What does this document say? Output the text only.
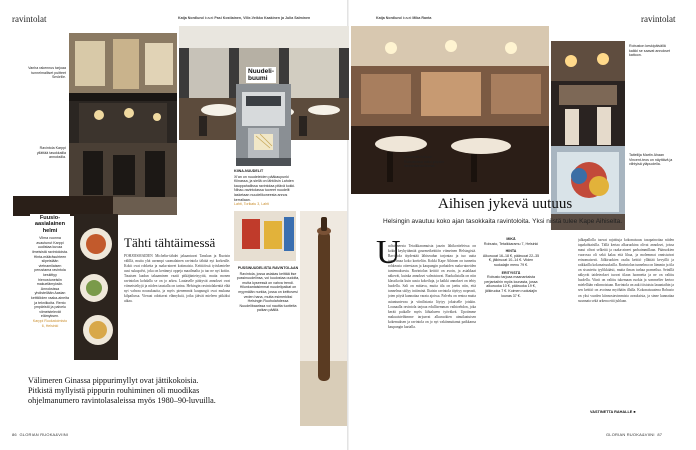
ravintolat	Katja Nordlund kuvat Pasi Kostiainen, Ville-Veikko Kaakinen ja Julia Salminen
Nuudeli-
buumi
KIINA-NUUDELIT
Xi'an on nuudeleiden pääkaupunki Kiinassa, ja siellä on lähtöisin Lahden kauppahallissa ravintolaa pitävä kokki. Nihao-ravintolassa tuoreet nuudelit lasketaan nuudelikoneesta annos kerrallaan.
Lahti, Torikatu 3, Lahti
Vanha rakennus tarjoaa tunnelmalliset puitteet Smörille.
Ravintola Karppi yllättää tasokkailla annoksilla.
Fuusio-aasialainen helmi
Vilma vuonna avautunut Karppi uudistaa kuvaa ilmeisistä ravintoloista. Hinta-määräsuhteen siipeisiään vietnamilaisen perustama ravintola keskittyy hienostuneisiin makuelämyksiin. Annoksissa yhdistellään Aasian keittiöiden raaka-aineita ja tekniikoita. Rento ympäristö ja palvelu viimeistelevät elämyksen.
Karppi Ruokatoimisto 6, Helsinki
Tähti tähtäimessä
POHJOISMAIDEN Michelin-tähdet jakaantuvat Tanskan ja Ruotsin välillä, mutta yhä useampi suomalainen ravintola tähtää nyt korkealle. Kokit ovat rohkeita ja raaka-aineet kotimaisia. Keittiöissä työskentelee uusi sukupolvi, joka on kerännyt oppeja maailmalta ja tuo ne nyt kotiin. Tasaisen laadun takaaminen vaatii pitkäjänteisyyttä, mutta monen ravintolan kohdalla se on jo arkea. Lautaselle päätyvät annokset ovat viimeisteltyjä ja niiden taustalla on tarina. Helsingin ravintolakenttä elää nyt vahvaa nousukautta, ja myös pienemmät kaupungit ovat mukana kilpailussa. Vieraat odottavat elämyksiä, jotka jäävät mieleen pitkäksi aikaa.
PUSSINUUDELISTA RAVINTOLAAN
Ravintola, jossa asiakas keittää itse pussinuudelinsa, voi kuulostaa oudolta, mutta kyseessä on vahva trendi. Hilunkantaisimmat nuudelipaikat on myymälän nurkka, jossa on keittovesi veden hana, mutta esimerkiksi Helsingin Ruoholahdessa Nuudelibaarissa voi nauttia tuotteita paikan päällä.
Välimeren Ginassa pippurimyllyt ovat jättikokoisia. Pitkistä myllyistä pippurin rouhiminen oli muodikas ohjelmanumero ravintolasaleissa myös 1980–90-luvuilla.
86 GLORIAN RUOKA&VIINI
ravintolat
Katja Nordlund kuvat Mika Ranta
Robuston keskipäivällä kaikki se saavat annokset kattoon.
Avokeittiö tuttuun Robustossa toiko ylöpäin ravintolamielikuvaa.
Taiteilija Martin Ahaan Vincent-teos on näyttävä ja viihtyisä yläpuolella.
Aihisen jykevä uutuus
Helsingin avautuu koko ajan tasokkaita ravintoloita. Yksi niistä tulee Kape Aihiselta.
U
udistuneesta Tetaikkaramuista jazzin lähikortteleissa on kokin keyhyttämää gourmetkeittiön viimeinen Helsingistä. Ravintola täydentää lähiseudun tarjontaa ja tuo uutta tunnelmaa koko kortteliin. Kokki Kape Aihinen on tunnettu rohkeasta otteestaan ja kaupungin parhaiden raaka-aineiden tuntemuksesta. Ravintolan keittiö on avoin, ja asiakkaat näkevät, kuinka annokset valmistuvat. Ruokalistalla on niin klassikoita kuin uusia kokeiluja, ja kaikki annokset on tehty huolella. Sali on mittava, mutta tila on jaettu niin, että tunnelma säilyy intiiminä. Iltaisin ravintola täyttyy nopeasti, joten pöytä kannattaa varata ajoissa. Palvelu on rentoa mutta asiantuntevaa ja viinilistasta löytyy jokaiselle jotakin. Lounaalla ravintola tarjoaa edullisemman vaihtoehdon, joka kerää paikalle myös lähialueen työväkeä. Upotimme makuaisteihimme tarjoavat alkuruokien ainutlaatuisen kokemuksen ja ravintola on jo nyt vakiinnuttanut paikkansa kaupungin kartalla.
MIKÄ
Robusto, Tetaikkaramu 7, Helsinki
HINTA
Alkuruoat 16–18 €, pääruoat 22–35 €, jälkiruoat 10–14 €. Viiden ruokalajin menu 79 €.
ERITYISTÄ
Robusto tarjoaa maanantaista perjantaihin myös lounasta, jossa alkuruoka 10 €, pääruoka 19 €, jälkiruoka 7 €. Koimen ruokalajin lounas 37 €.
jalkapallolla tuovat rajoittuja kokonaisuus tasapainottaa niiden tapakohtaisilla. Tällä kertaa alkuruokina olivat annokset, joissa maut olivat selkeitä ja raaka-aineet parhaimmillaan. Pääruokien vuorossa oli sekä kalaa että lihaa, ja molemmat onnistuivat erinomaisesti. Jälkiruokien osalta keittiö yllättää kevyillä ja raikkailla kokonaisuuksilla. Ravintolan tunnelma on lämmin ja tila on sisustettu tyylikkäästi, mutta ilman turhaa prameilua. Seinillä näkyvät taideteokset tuovat tilaan luonnetta ja ne on valittu huolella. Viinit on valittu tukemaan ruokia ja sommelier kertoo mielellään valinnoistaan. Ravintola on auki tiistaista lauantaihin ja sen keittiö on avoinna myöhään illalla. Kokonaisuutena Robusto on yksi vuoden kiinnostavimmista avauksista, ja sinne kannattaa suunnata sekä arkena että juhlaan.
VASTINETTA RAHALLE ■
GLORIAN RUOKA&VIINI 87
